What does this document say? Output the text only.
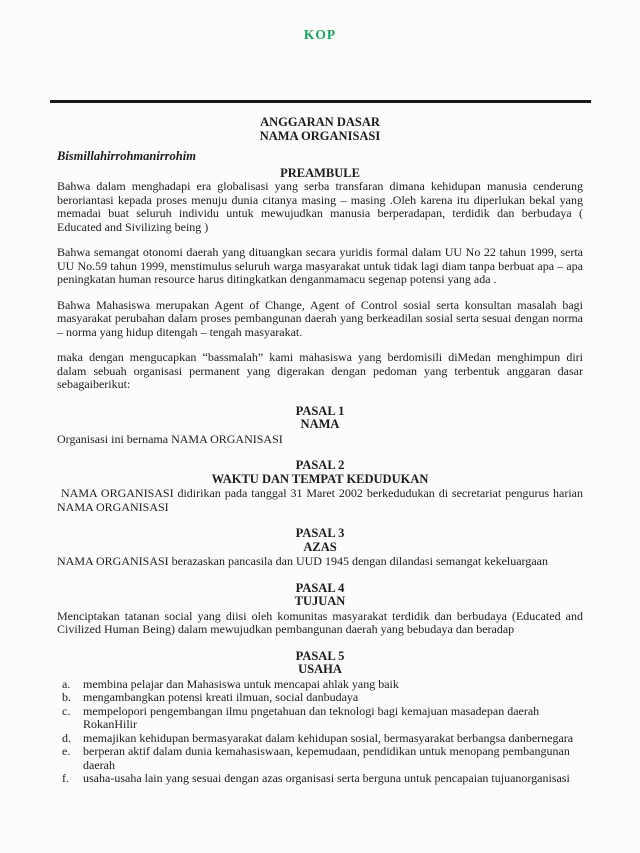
KOP
ANGGARAN DASAR
NAMA ORGANISASI
Bismillahirrohmanirrohim
PREAMBULE

Bahwa dalam menghadapi era globalisasi yang serba transfaran dimana kehidupan manusia cenderung beroriantasi kepada proses menuju dunia citanya masing – masing .Oleh karena itu diperlukan bekal yang memadai buat seluruh individu untuk mewujudkan manusia berperadapan, terdidik dan berbudaya ( Educated and Sivilizing being )

Bahwa semangat otonomi daerah yang dituangkan secara yuridis formal dalam UU No 22 tahun 1999, serta UU No.59 tahun 1999, menstimulus seluruh warga masyarakat untuk tidak lagi diam tanpa berbuat apa – apa peningkatan human resource harus ditingkatkan denganmamacu segenap potensi yang ada .

Bahwa Mahasiswa merupakan Agent of Change, Agent of Control sosial serta konsultan masalah bagi masyarakat perubahan dalam proses pembangunan daerah yang berkeadilan sosial serta sesuai dengan norma – norma yang hidup ditengah – tengah masyarakat.

maka dengan mengucapkan “bassmalah” kami mahasiswa yang berdomisili diMedan menghimpun diri dalam sebuah organisasi permanent yang digerakan dengan pedoman yang terbentuk anggaran dasar sebagaiberikut:

PASAL 1
NAMA
Organisasi ini bernama NAMA ORGANISASI
PASAL 2
WAKTU DAN TEMPAT KEDUDUKAN
NAMA ORGANISASI didirikan pada tanggal 31 Maret 2002 berkedudukan di secretariat pengurus harian NAMA ORGANISASI
PASAL 3
AZAS
NAMA ORGANISASI berazaskan pancasila dan UUD 1945 dengan dilandasi semangat kekeluargaan
PASAL 4
TUJUAN
Menciptakan tatanan social yang diisi oleh komunitas masyarakat terdidik dan berbudaya (Educated and Civilized Human Being) dalam mewujudkan pembangunan daerah yang bebudaya dan beradap
PASAL 5
USAHA
a.	membina pelajar dan Mahasiswa untuk mencapai ahlak yang baik
b.	mengambangkan potensi kreati ilmuan, social danbudaya
c.	mempelopori pengembangan ilmu pngetahuan dan teknologi bagi kemajuan masadepan daerah RokanHilir
d.	memajikan kehidupan bermasyarakat dalam kehidupan sosial, bermasyarakat berbangsa danbernegara
e.	berperan aktif dalam dunia kemahasiswaan, kepemudaan, pendidikan untuk menopang pembangunan daerah
f.	usaha-usaha lain yang sesuai dengan azas organisasi serta berguna untuk pencapaian tujuanorganisasi
